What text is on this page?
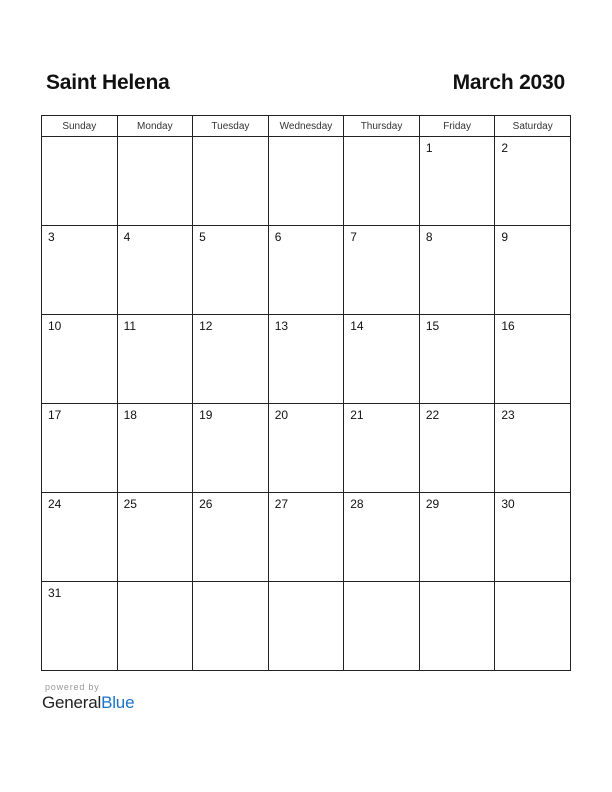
Saint Helena	March 2030
Sunday	Monday	Tuesday	Wednesday	Thursday	Friday	Saturday

					1	2

3	4	5	6	7	8	9

10	11	12	13	14	15	16

17	18	19	20	21	22	23

24	25	26	27	28	29	30

31						

powered by
GeneralBlue
